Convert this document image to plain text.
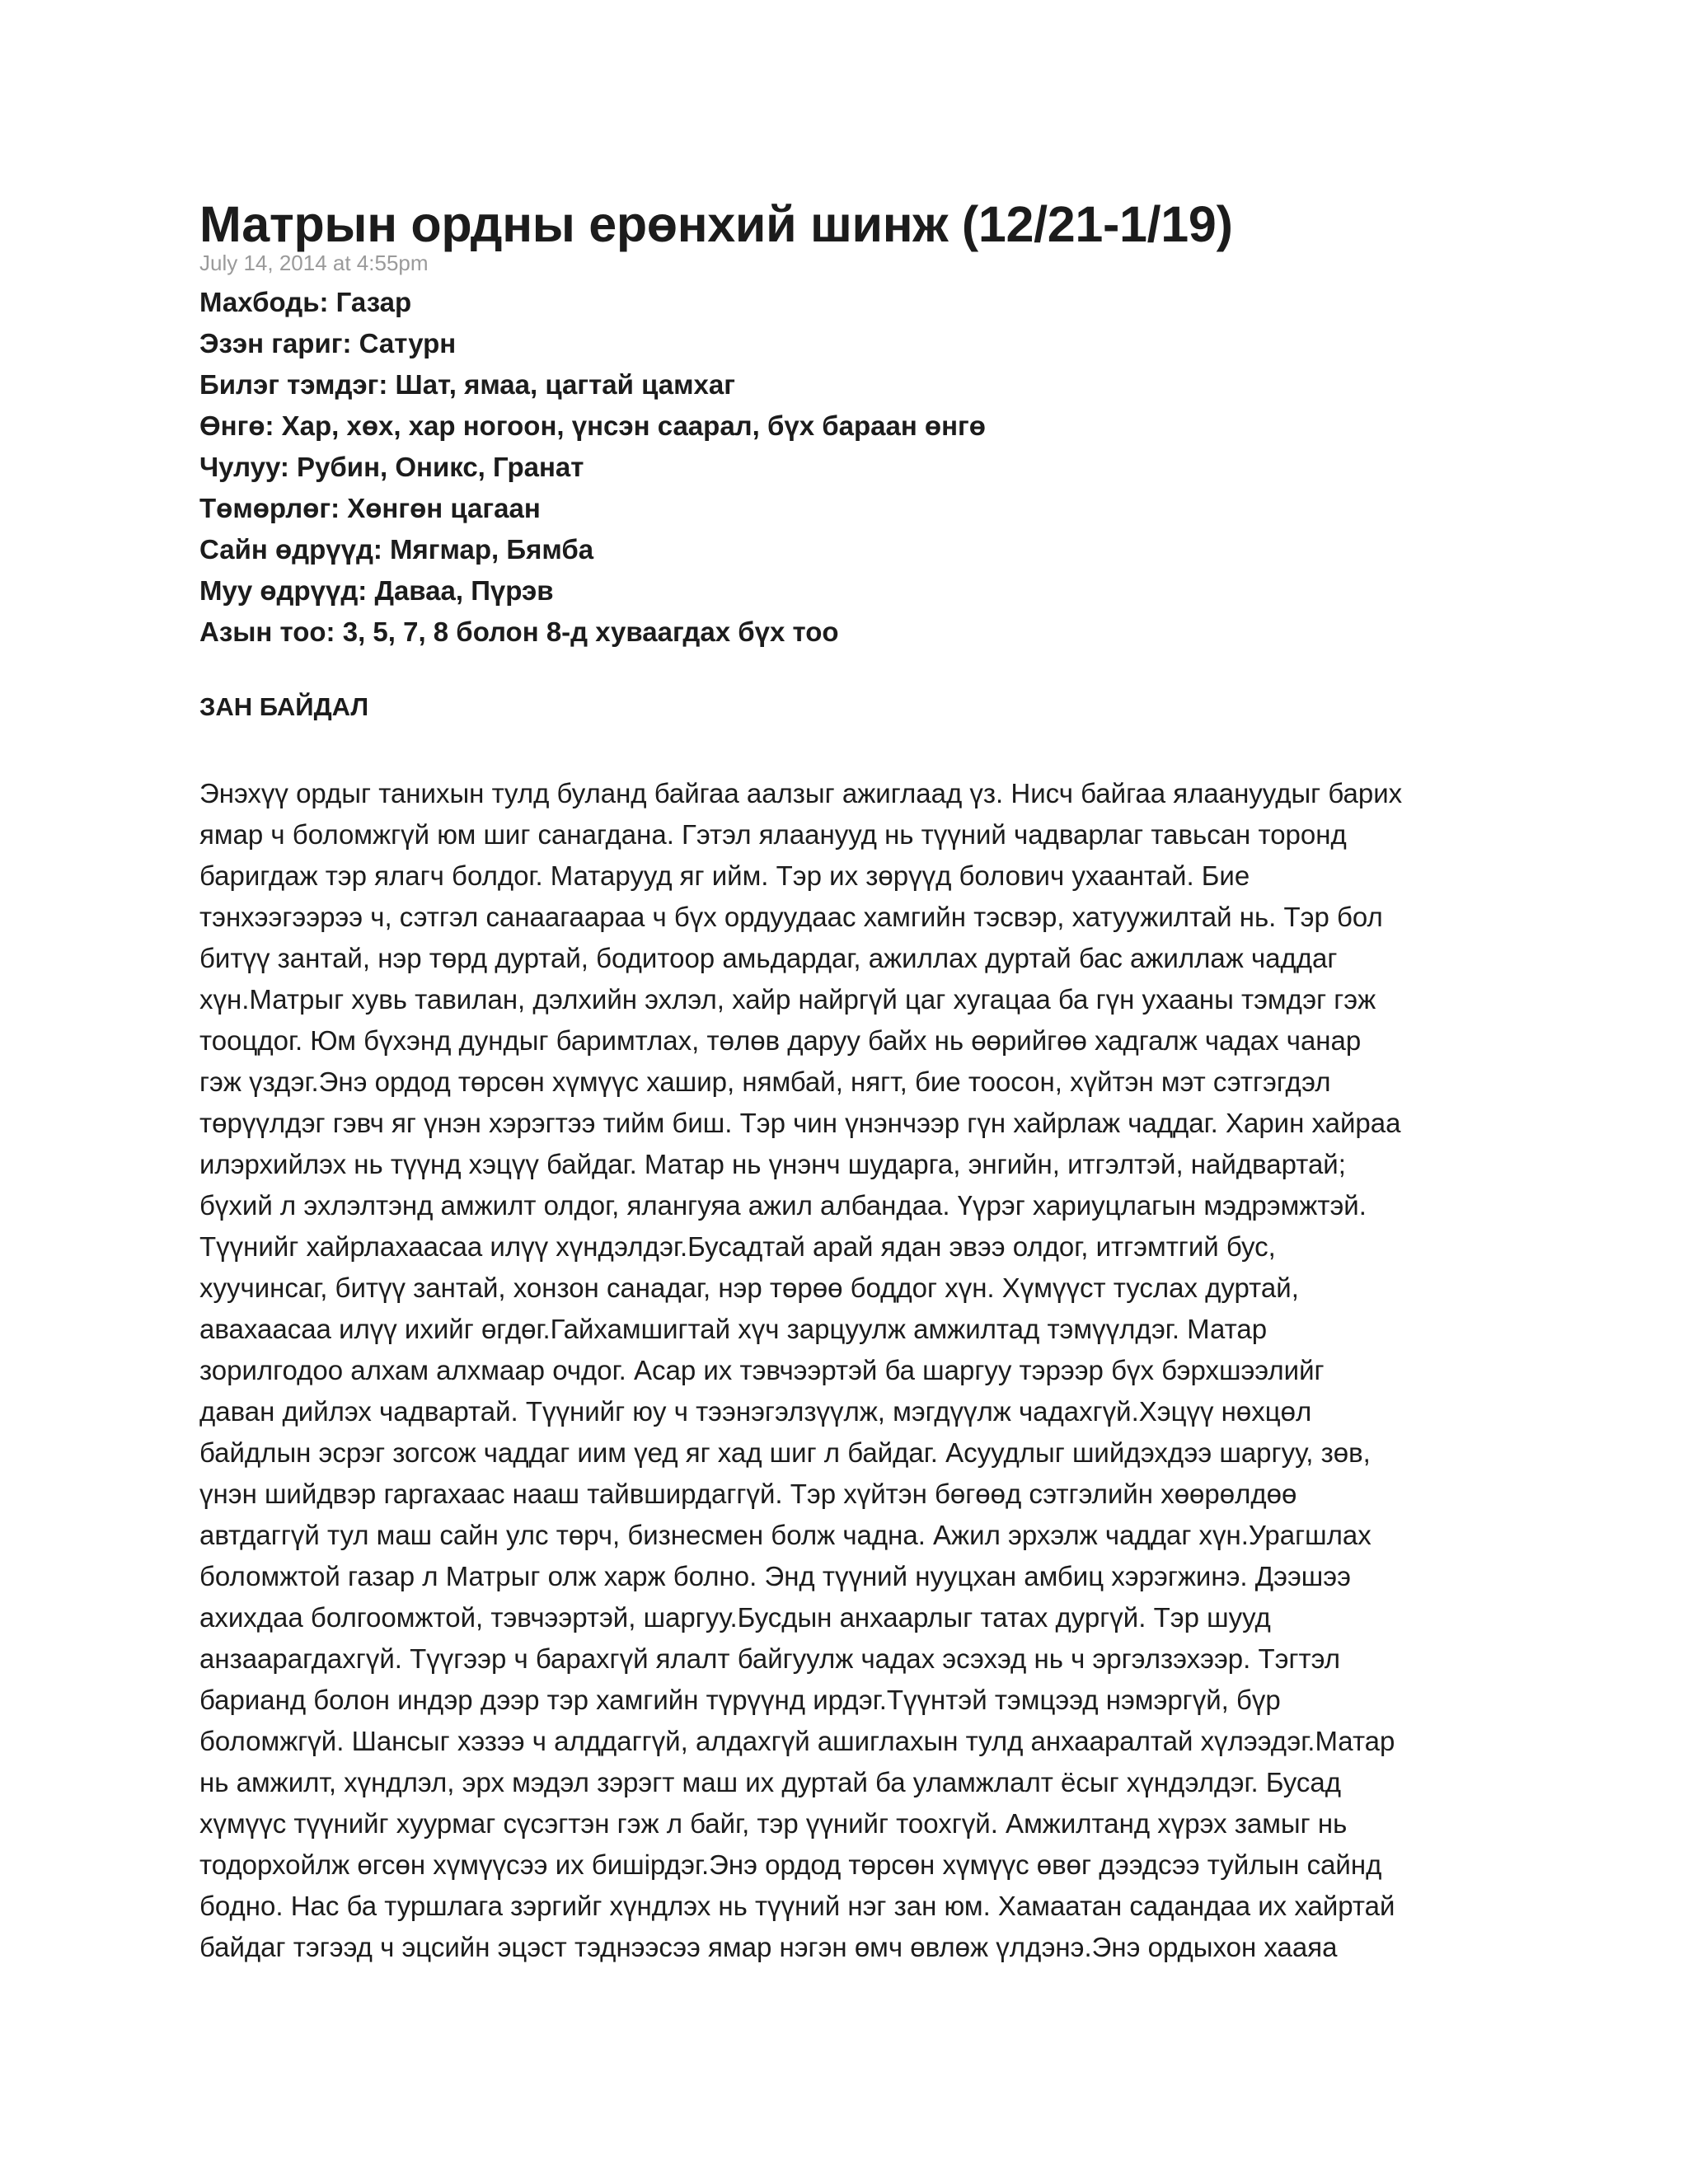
Матрын ордны ерөнхий шинж (12/21-1/19)
July 14, 2014 at 4:55pm
Махбодь: Газар
Эзэн гариг: Сатурн
Билэг тэмдэг: Шат, ямаа, цагтай цамхаг
Өнгө: Хар, хөх, хар ногоон, үнсэн саарал, бүх бараан өнгө
Чулуу: Рубин, Оникс, Гранат
Төмөрлөг: Хөнгөн цагаан
Сайн өдрүүд: Мягмар, Бямба
Муу өдрүүд: Даваа, Пүрэв
Азын тоо: 3, 5, 7, 8 болон 8-д хуваагдах бүх тоо
ЗАН БАЙДАЛ
Энэхүү ордыг танихын тулд буланд байгаа аалзыг ажиглаад үз. Нисч байгаа ялаануудыг барих
ямар ч боломжгүй юм шиг санагдана. Гэтэл ялаанууд нь түүний чадварлаг тавьсан торонд
баригдаж тэр ялагч болдог. Матарууд яг ийм. Тэр их зөрүүд болович ухаантай. Бие
тэнхээгээрээ ч, сэтгэл санаагаараа ч бүх ордуудаас хамгийн тэсвэр, хатуужилтай нь. Тэр бол
битүү зантай, нэр төрд дуртай, бодитоор амьдардаг, ажиллах дуртай бас ажиллаж чаддаг
хүн.Матрыг хувь тавилан, дэлхийн эхлэл, хайр найргүй цаг хугацаа ба гүн ухааны тэмдэг гэж
тооцдог. Юм бүхэнд дундыг баримтлах, төлөв даруу байх нь өөрийгөө хадгалж чадах чанар
гэж үздэг.Энэ ордод төрсөн хүмүүс хашир, нямбай, нягт, бие тоосон, хүйтэн мэт сэтгэгдэл
төрүүлдэг гэвч яг үнэн хэрэгтээ тийм биш. Тэр чин үнэнчээр гүн хайрлаж чаддаг. Харин хайраа
илэрхийлэх нь түүнд хэцүү байдаг. Матар нь үнэнч шударга, энгийн, итгэлтэй, найдвартай;
бүхий л эхлэлтэнд амжилт олдог, ялангуяа ажил албандаа. Үүрэг хариуцлагын мэдрэмжтэй.
Түүнийг хайрлахаасаа илүү хүндэлдэг.Бусадтай арай ядан эвээ олдог, итгэмтгий бус,
хуучинсаг, битүү зантай, хонзон санадаг, нэр төрөө боддог хүн. Хүмүүст туслах дуртай,
авахаасаа илүү ихийг өгдөг.Гайхамшигтай хүч зарцуулж амжилтад тэмүүлдэг. Матар
зорилгодоо алхам алхмаар очдог. Асар их тэвчээртэй ба шаргуу тэрээр бүх бэрхшээлийг
даван дийлэх чадвартай. Түүнийг юу ч тээнэгэлзүүлж, мэгдүүлж чадахгүй.Хэцүү нөхцөл
байдлын эсрэг зогсож чаддаг иим үед яг хад шиг л байдаг. Асуудлыг шийдэхдээ шаргуу, зөв,
үнэн шийдвэр гаргахаас нааш тайвширдаггүй. Тэр хүйтэн бөгөөд сэтгэлийн хөөрөлдөө
автдаггүй тул маш сайн улс төрч, бизнесмен болж чадна. Ажил эрхэлж чаддаг хүн.Урагшлах
боломжтой газар л Матрыг олж харж болно. Энд түүний нууцхан амбиц хэрэгжинэ. Дээшээ
ахихдаа болгоомжтой, тэвчээртэй, шаргуу.Бусдын анхаарлыг татах дургүй. Тэр шууд
анзаарагдахгүй. Түүгээр ч барахгүй ялалт байгуулж чадах эсэхэд нь ч эргэлзэхээр. Тэгтэл
барианд болон индэр дээр тэр хамгийн түрүүнд ирдэг.Түүнтэй тэмцээд нэмэргүй, бүр
боломжгүй. Шансыг хэзээ ч алддаггүй, алдахгүй ашиглахын тулд анхааралтай хүлээдэг.Матар
нь амжилт, хүндлэл, эрх мэдэл зэрэгт маш их дуртай ба уламжлалт ёсыг хүндэлдэг. Бусад
хүмүүс түүнийг хуурмаг сүсэгтэн гэж л байг, тэр үүнийг тоохгүй. Амжилтанд хүрэх замыг нь
тодорхойлж өгсөн хүмүүсээ их бишірдэг.Энэ ордод төрсөн хүмүүс өвөг дээдсээ туйлын сайнд
бодно. Нас ба туршлага зэргийг хүндлэх нь түүний нэг зан юм. Хамаатан садандаа их хайртай
байдаг тэгээд ч эцсийн эцэст тэднээсээ ямар нэгэн өмч өвлөж үлдэнэ.Энэ ордыхон хааяа
